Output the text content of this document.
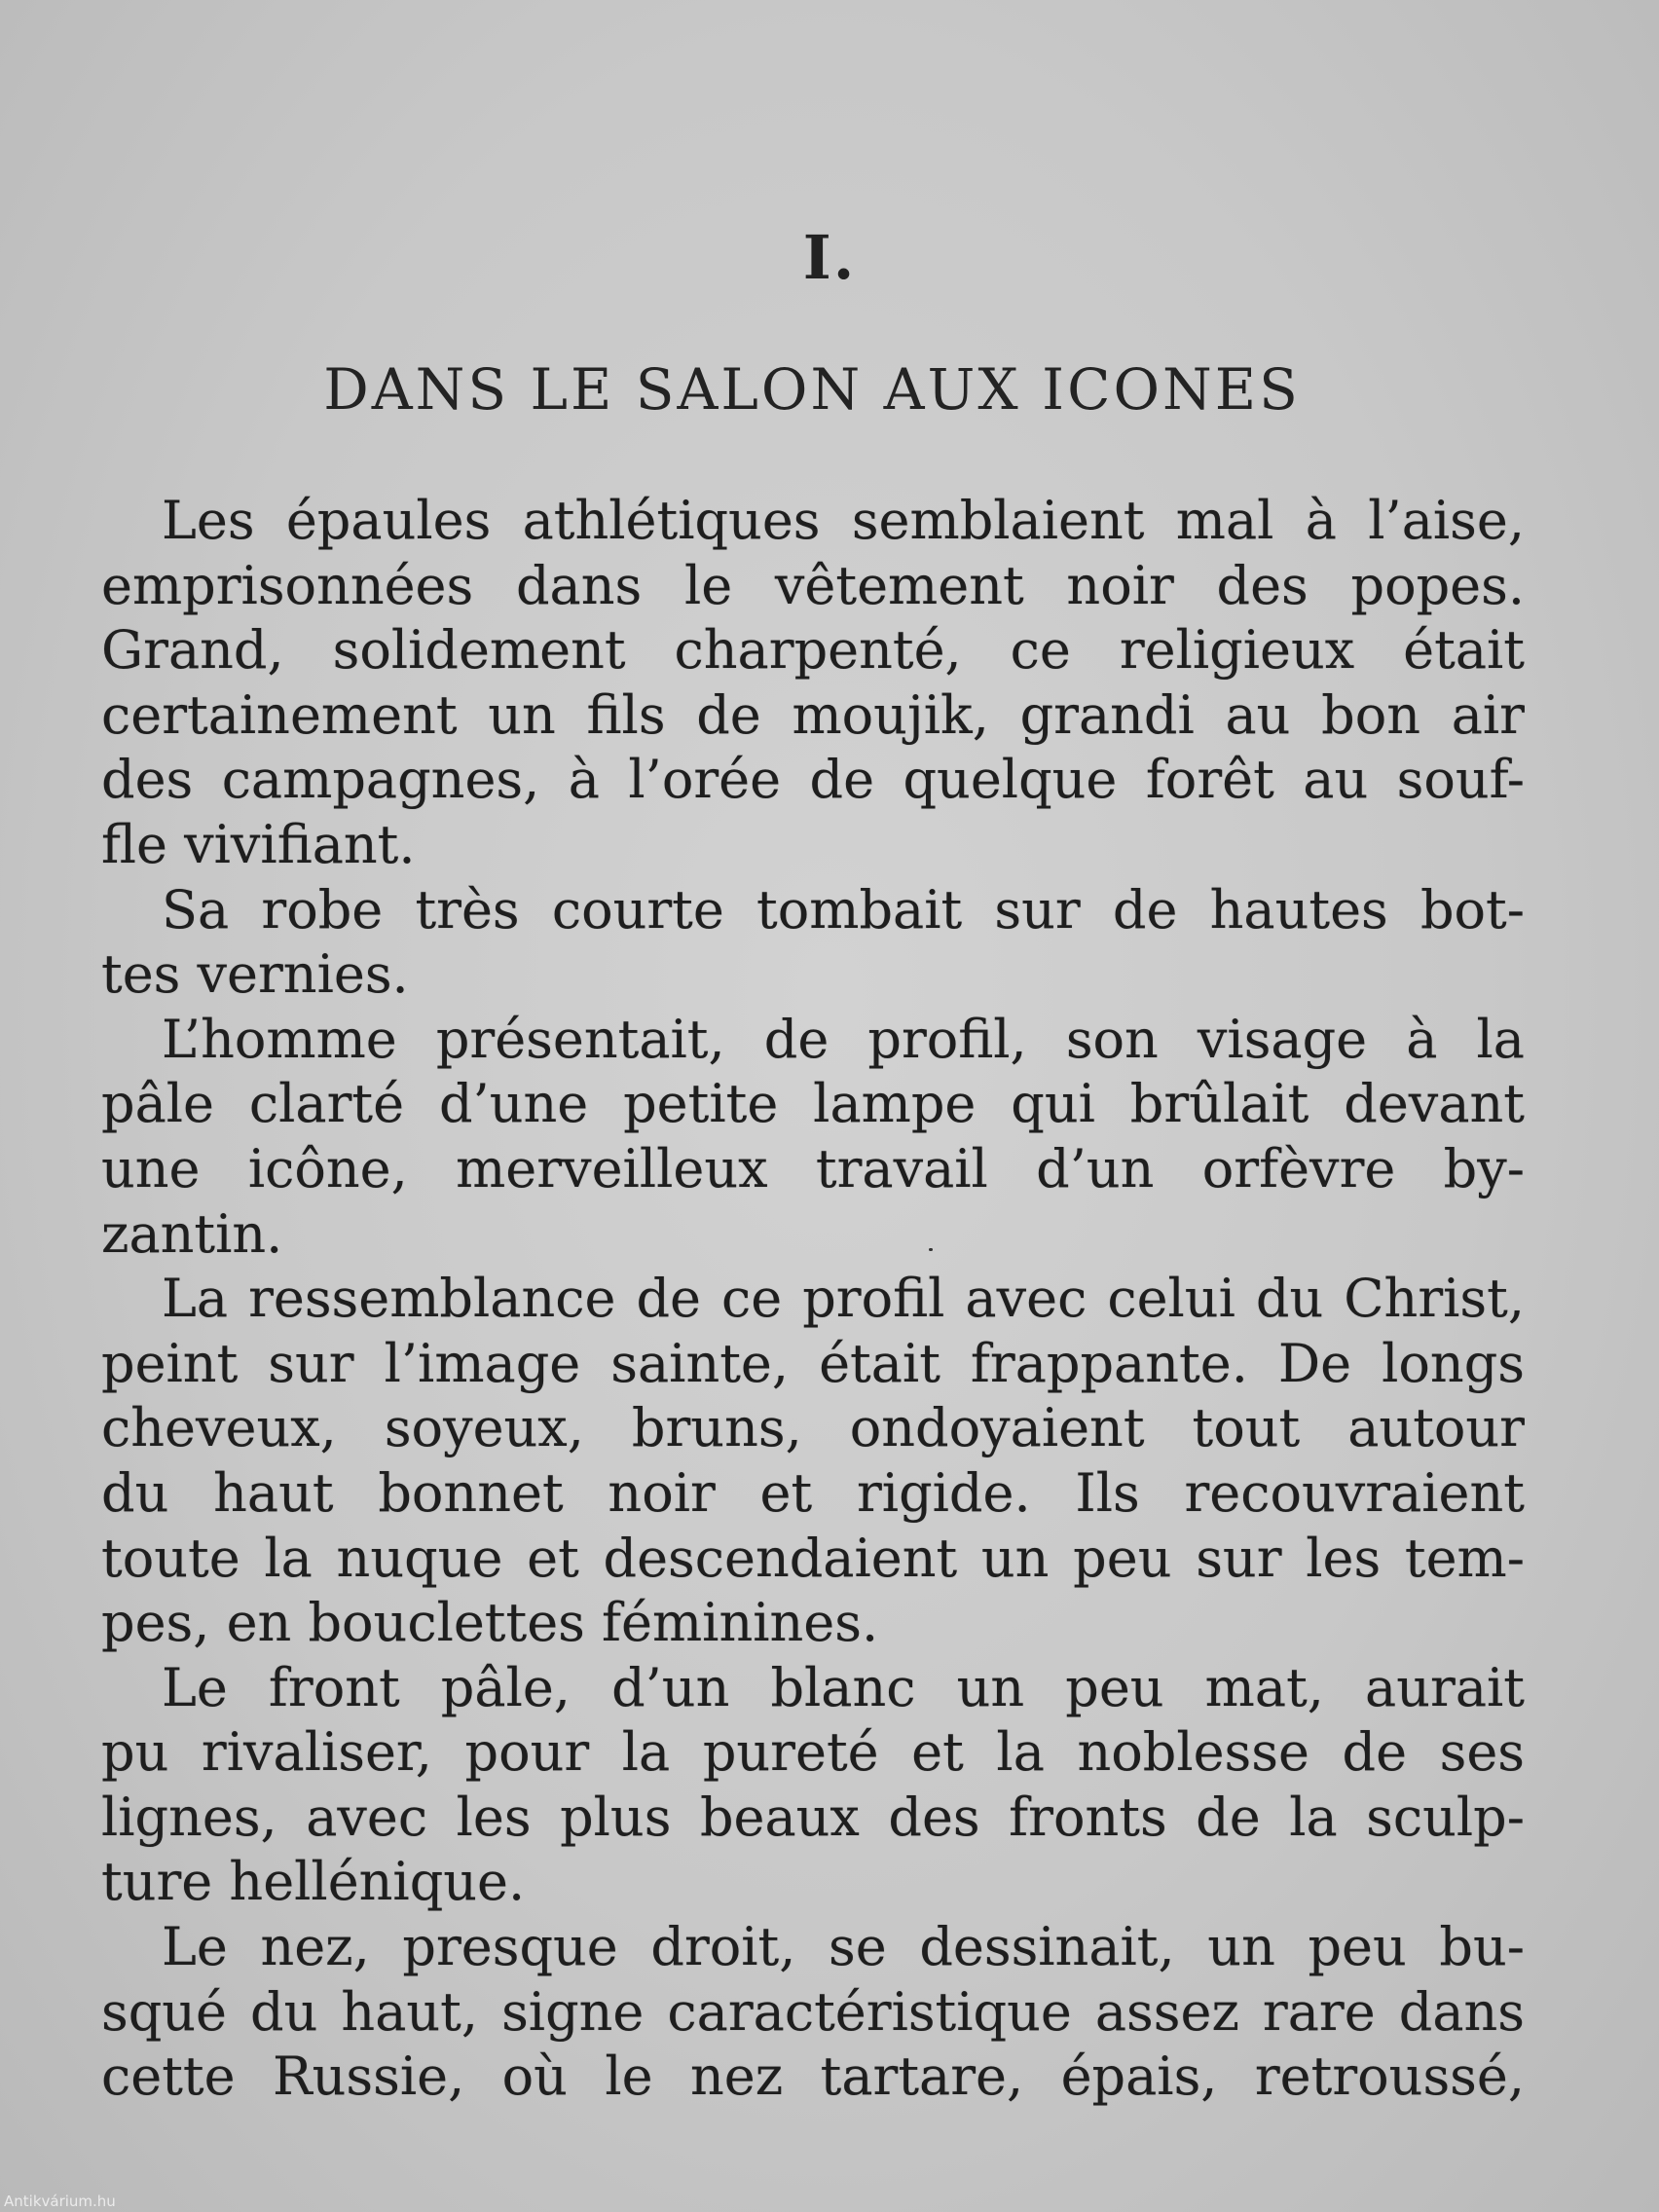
I.
DANS LE SALON AUX ICONES
Les épaules athlétiques semblaient mal à l’aise,
emprisonnées dans le vêtement noir des popes.
Grand, solidement charpenté, ce religieux était
certainement un fils de moujik, grandi au bon air
des campagnes, à l’orée de quelque forêt au souf-
fle vivifiant.
Sa robe très courte tombait sur de hautes bot-
tes vernies.
L’homme présentait, de profil, son visage à la
pâle clarté d’une petite lampe qui brûlait devant
une icône, merveilleux travail d’un orfèvre by-
zantin.
La ressemblance de ce profil avec celui du Christ,
peint sur l’image sainte, était frappante. De longs
cheveux, soyeux, bruns, ondoyaient tout autour
du haut bonnet noir et rigide. Ils recouvraient
toute la nuque et descendaient un peu sur les tem-
pes, en bouclettes féminines.
Le front pâle, d’un blanc un peu mat, aurait
pu rivaliser, pour la pureté et la noblesse de ses
lignes, avec les plus beaux des fronts de la sculp-
ture hellénique.
Le nez, presque droit, se dessinait, un peu bu-
squé du haut, signe caractéristique assez rare dans
cette Russie, où le nez tartare, épais, retroussé,
Antikvárium.hu
